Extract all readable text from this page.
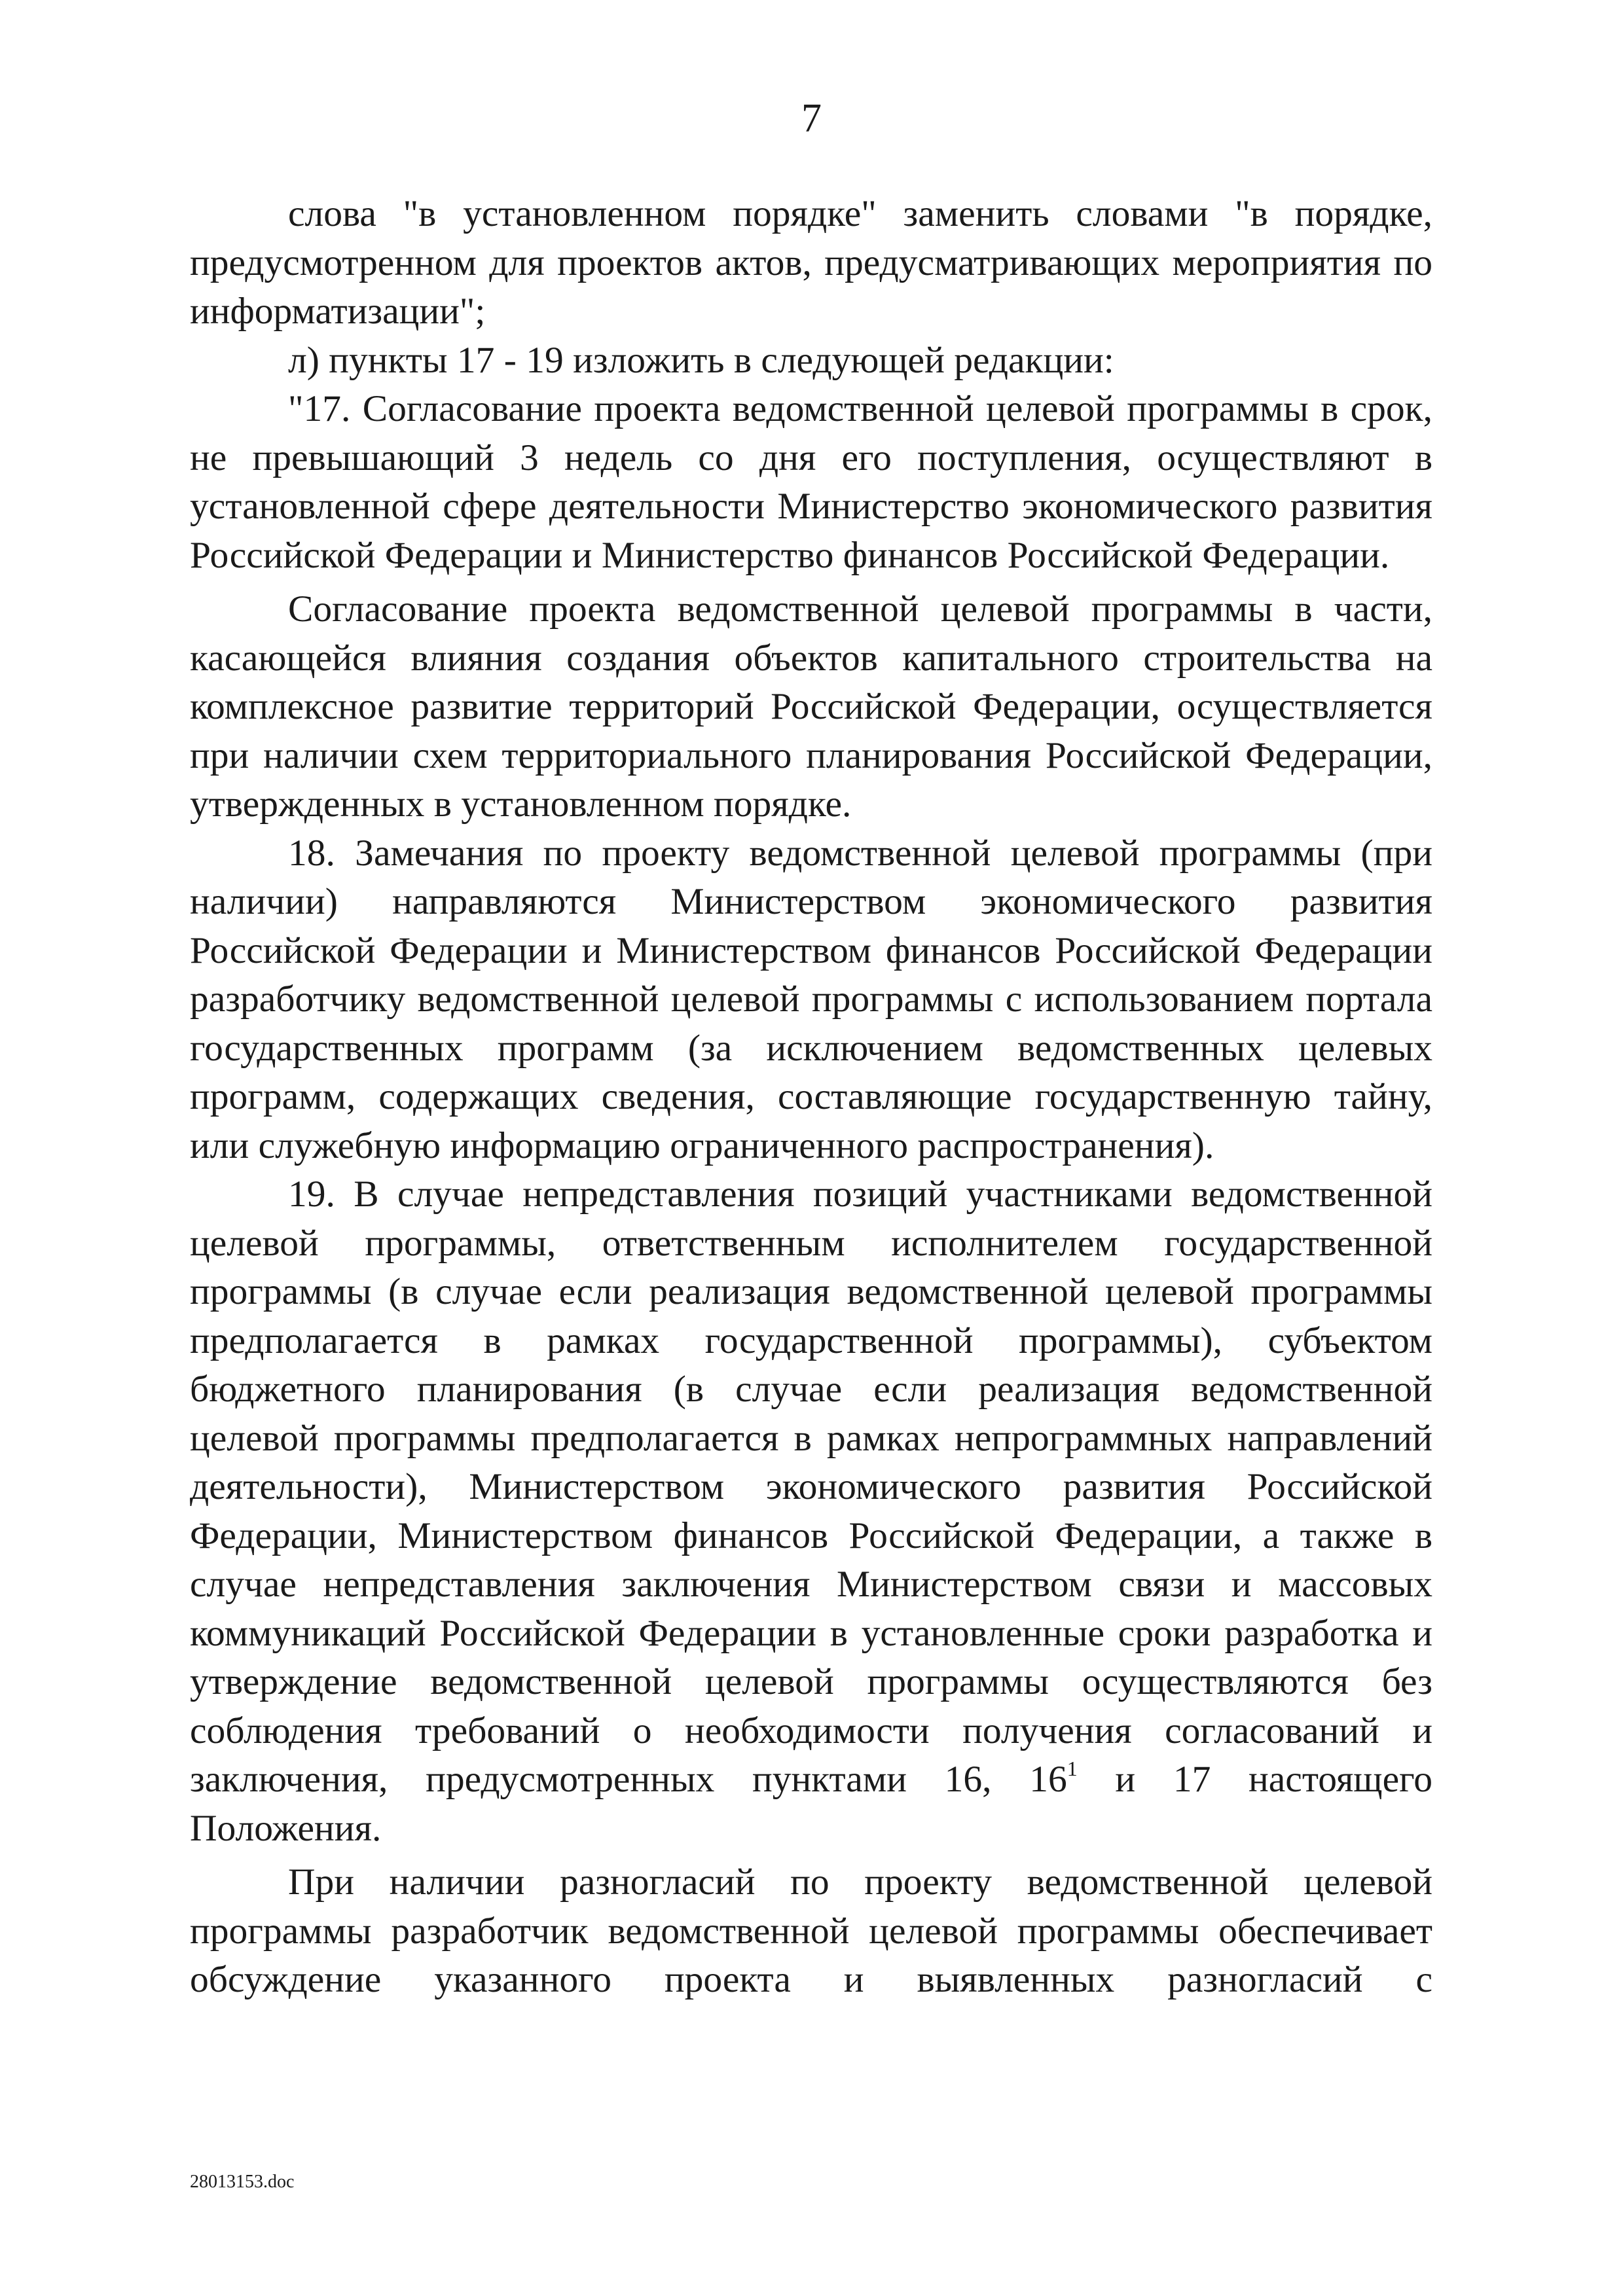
7

слова "в установленном порядке" заменить словами "в порядке, предусмотренном для проектов актов, предусматривающих мероприятия по информатизации";

л) пункты 17 - 19 изложить в следующей редакции:

"17. Согласование проекта ведомственной целевой программы в срок, не превышающий 3 недель со дня его поступления, осуществляют в установленной сфере деятельности Министерство экономического развития Российской Федерации и Министерство финансов Российской Федерации.

Согласование проекта ведомственной целевой программы в части, касающейся влияния создания объектов капитального строительства на комплексное развитие территорий Российской Федерации, осуществляется при наличии схем территориального планирования Российской Федерации, утвержденных в установленном порядке.

18. Замечания по проекту ведомственной целевой программы (при наличии) направляются Министерством экономического развития Российской Федерации и Министерством финансов Российской Федерации разработчику ведомственной целевой программы с использованием портала государственных программ (за исключением ведомственных целевых программ, содержащих сведения, составляющие государственную тайну, или служебную информацию ограниченного распространения).

19. В случае непредставления позиций участниками ведомственной целевой программы, ответственным исполнителем государственной программы (в случае если реализация ведомственной целевой программы предполагается в рамках государственной программы), субъектом бюджетного планирования (в случае если реализация ведомственной целевой программы предполагается в рамках непрограммных направлений деятельности), Министерством экономического развития Российской Федерации, Министерством финансов Российской Федерации, а также в случае непредставления заключения Министерством связи и массовых коммуникаций Российской Федерации в установленные сроки разработка и утверждение ведомственной целевой программы осуществляются без соблюдения требований о необходимости получения согласований и заключения, предусмотренных пунктами 16, $16^1$ и 17 настоящего Положения.

При наличии разногласий по проекту ведомственной целевой программы разработчик ведомственной целевой программы обеспечивает обсуждение указанного проекта и выявленных разногласий с

28013153.doc
